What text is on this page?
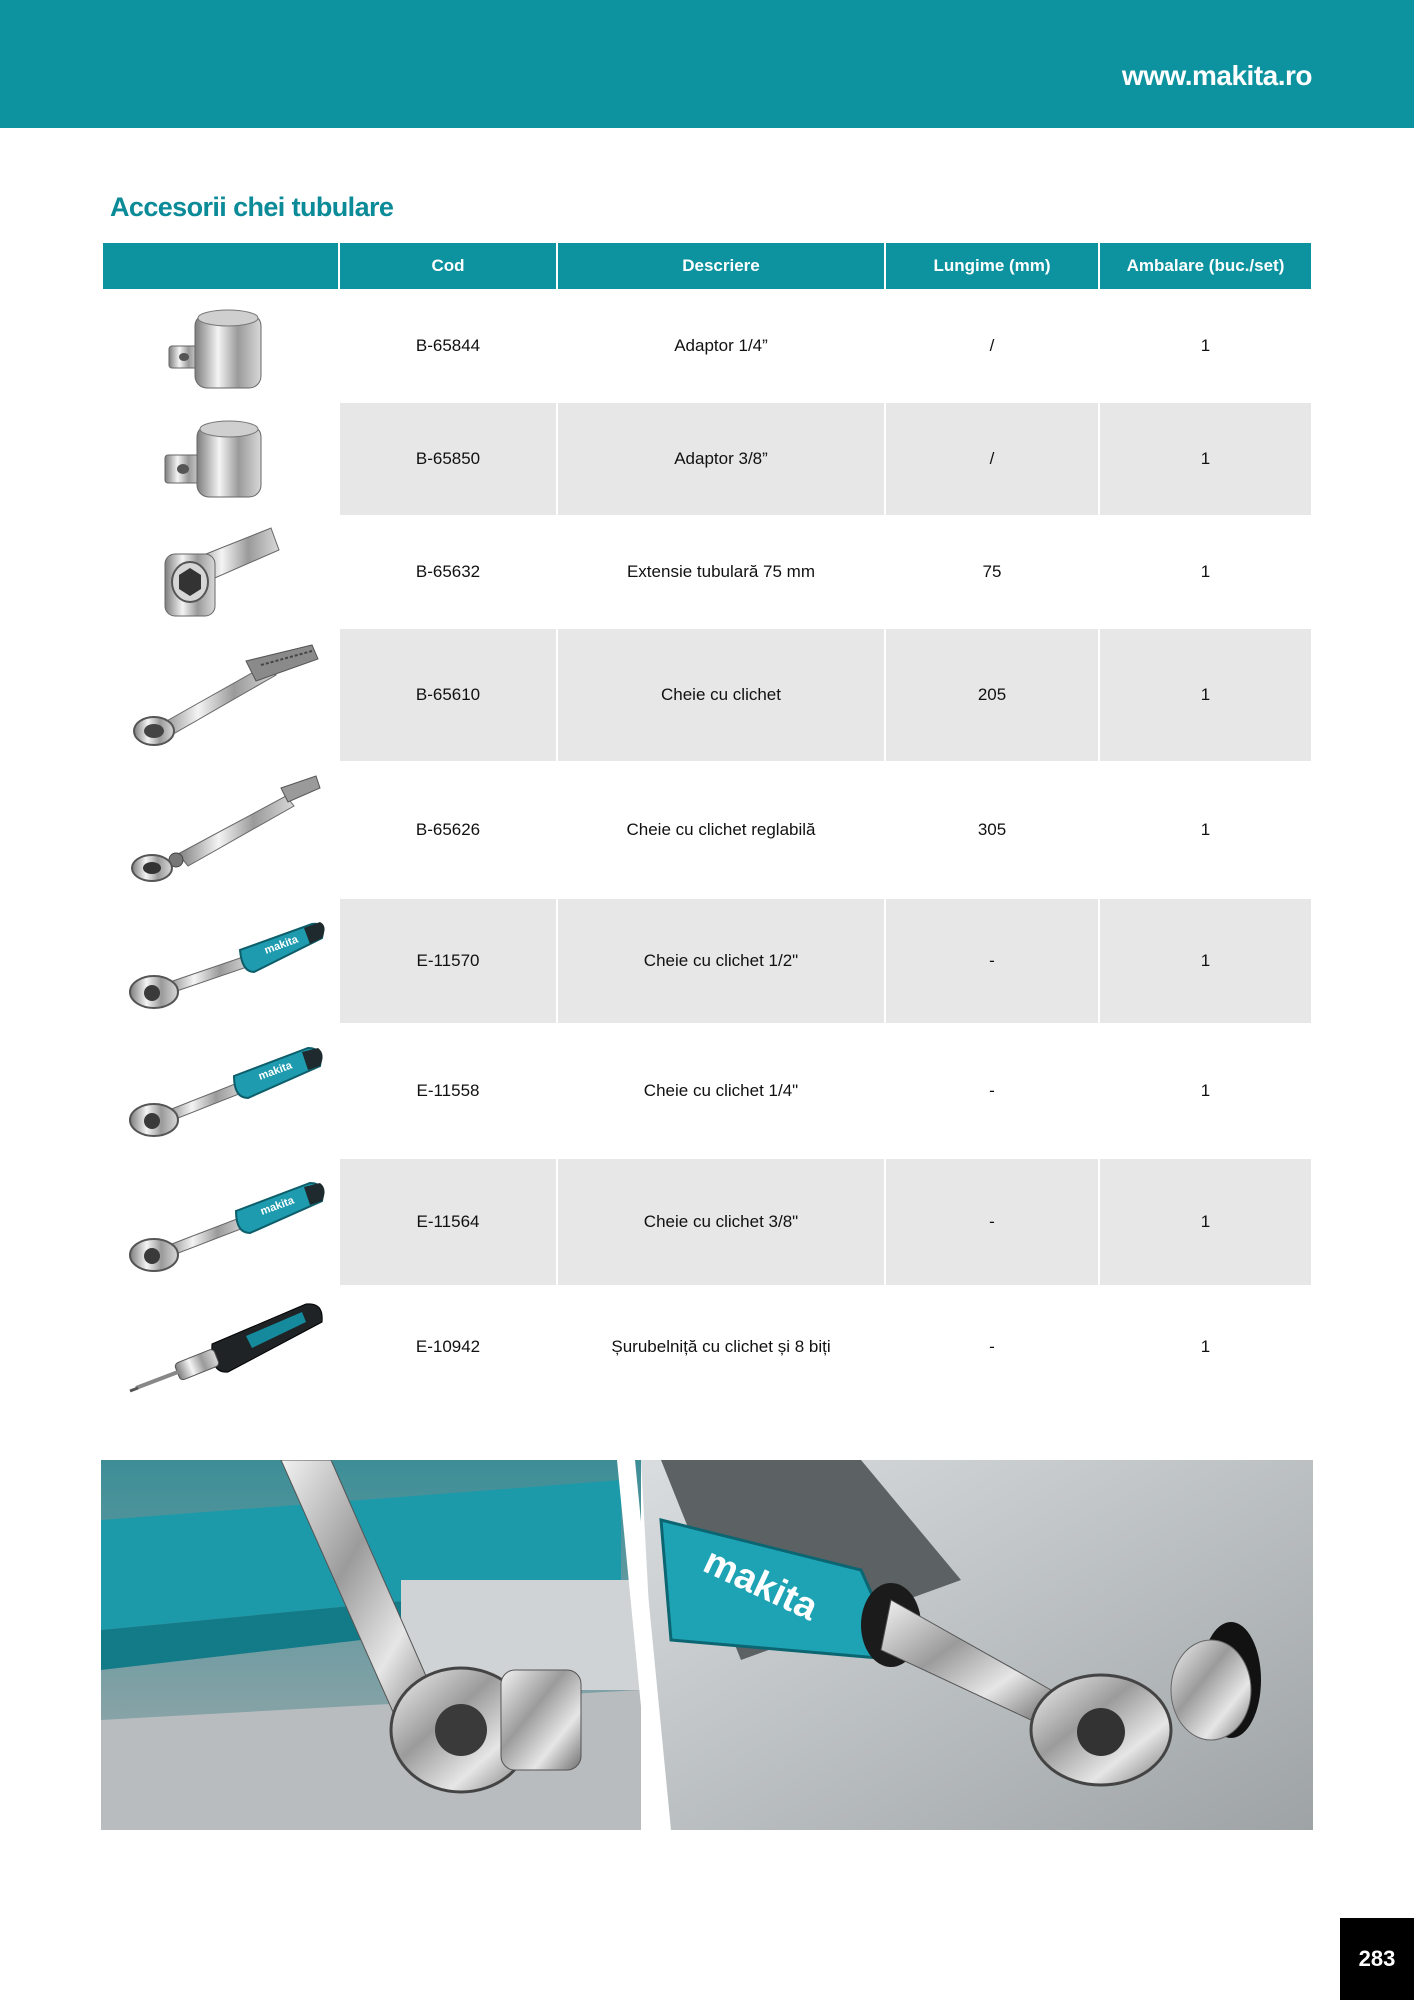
www.makita.ro
Accesorii chei tubulare
	Cod	Descriere	Lungime (mm)	Ambalare (buc./set)

	B-65844	Adaptor 1/4”	/	1

	B-65850	Adaptor 3/8”	/	1

	B-65632	Extensie tubulară 75 mm	75	1

	B-65610	Cheie cu clichet	205	1

	B-65626	Cheie cu clichet reglabilă	305	1

makita	E-11570	Cheie cu clichet 1/2"	-	1

makita	E-11558	Cheie cu clichet 1/4"	-	1

makita	E-11564	Cheie cu clichet 3/8"	-	1

	E-10942	Șurubelniță cu clichet și 8 biți	-	1
makita
283
